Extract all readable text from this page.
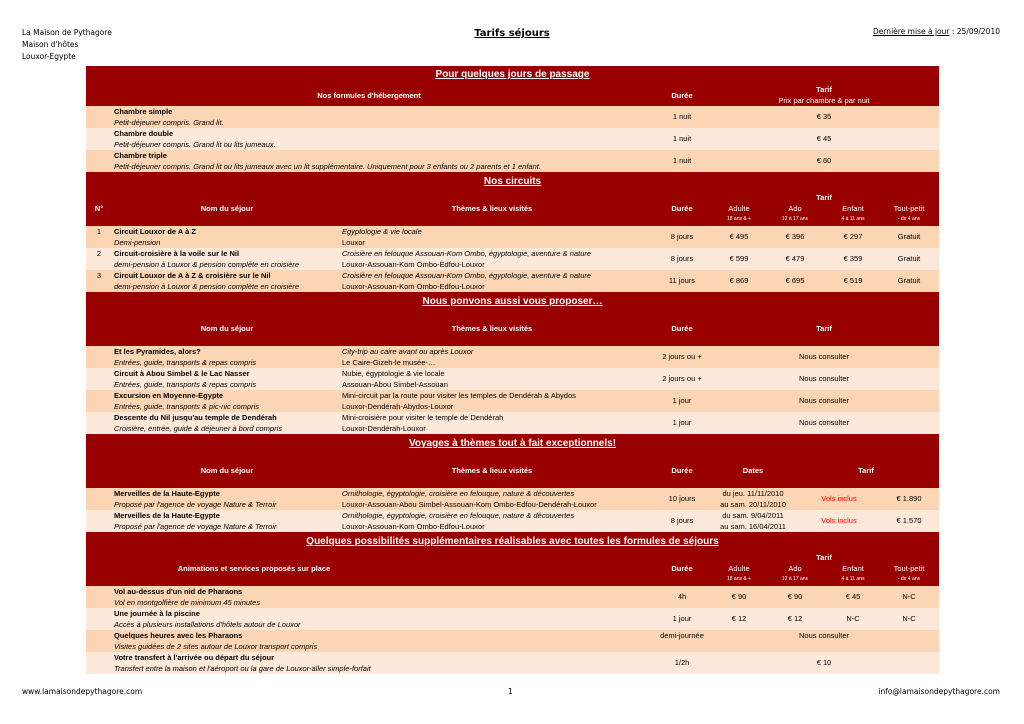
La Maison de Pythagore
Maison d'hôtes
Louxor-Egypte
Tarifs séjours	Dernière mise à jour : 25/09/2010
Pour quelques jours de passage
Nos formules d'hébergement	Durée
Tarif
Prix par chambre & par nuit
Chambre simple
Petit-déjeuner compris. Grand lit.
1 nuit	€ 35
Chambre double
Petit-déjeuner compris. Grand lit ou lits jumeaux.
1 nuit	€ 45
Chambre triple
Petit-déjeuner compris. Grand lit ou lits jumeaux avec un lit supplémentaire. Uniquement pour 3 enfants ou 2 parents et 1 enfant.
1 nuit	€ 60
Nos circuits
N°	Nom du séjour	Thèmes & lieux visités	Durée
Tarif
Adulte
18 ans & +
Ado
12 à 17 ans
Enfant
4 à 11 ans
Tout-petit
- de 4 ans
1	Circuit Louxor de A à Z
Demi-pension
Egyptologie & vie locale
Louxor
8 jours	€ 495	€ 396	€ 297	Gratuit
2	Circuit-croisière à la voile sur le Nil
demi-pension à Louxor & pension complète en croisière
Croisière en felouque Assouan-Kom Ombo, égyptologie, aventure & nature
Louxor-Assouan-Kom Ombo-Edfou-Louxor
8 jours	€ 599	€ 479	€ 359	Gratuit
3	Circuit Louxor de A à Z & croisière sur le Nil
demi-pension à Louxor & pension complète en croisière
Croisière en felouque Assouan-Kom Ombo, égyptologie, aventure & nature
Louxor-Assouan-Kom Ombo-Edfou-Louxor
11 jours	€ 869	€ 695	€ 519	Gratuit
Nous ponvons aussi vous proposer…
Nom du séjour	Thèmes & lieux visités	Durée	Tarif
Et les Pyramides, alors?
Entrées, guide, transports & repas compris
City-trip au caire avant ou après Louxor
Le Caire-Gizeh-le musée-…
2 jours ou +	Nous consulter
Circuit à Abou Simbel & le Lac Nasser
Entrées, guide, transports & repas compris
Nubie, égyptologie & vie locale
Assouan-Abou Simbel-Assouan
2 jours ou +	Nous consulter
Excursion en Moyenne-Egypte
Entrées, guide, transports & pic-nic compris
Mini-circuit par la route pour visiter les temples de Dendérah & Abydos
Louxor-Dendérah-Abydos-Louxor
1 jour	Nous consulter
Descente du Nil jusqu'au temple de Dendérah
Croisière, entrée, guide & déjeuner à bord compris
Mini-croisière pour visiter le temple de Dendérah
Louxor-Dendérah-Louxor
1 jour	Nous consulter
Voyages à thèmes tout à fait exceptionnels!
Nom du séjour	Thèmes & lieux visités	Durée	Dates	Tarif
Merveilles de la Haute-Egypte
Proposé par l'agence de voyage Nature & Terroir
Ornithologie, égyptologie, croisière en felouque, nature & découvertes
Louxor-Assouan-Abou Simbel-Assouan-Kom Ombo-Edfou-Dendérah-Louxor
10 jours
du jeu. 11/11/2010
au sam. 20/11/2010
Vols inclus	€ 1.890
Merveilles de la Haute-Egypte
Proposé par l'agence de voyage Nature & Terroir
Ornithologie, égyptologie, croisière en felouque, nature & découvertes
Louxor-Assouan-Kom Ombo-Edfou-Louxor
8 jours
du sam. 9/04/2011
au sam. 16/04/2011
Vols inclus	€ 1.570
Quelques possibilités supplémentaires réalisables avec toutes les formules de séjours
Animations et services proposés sur place	Durée
Tarif
Adulte
18 ans & +
Ado
12 à 17 ans
Enfant
4 à 11 ans
Tout-petit
- de 4 ans
Vol au-dessus d'un nid de Pharaons
Vol en montgolfière de minimum 45 minutes
4h	€ 90	€ 90	€ 45	N-C
Une journée à la piscine
Accès à plusieurs installations d'hôtels autour de Louxor
1 jour	€ 12	€ 12	N-C	N-C
Quelques heures avec les Pharaons
Visites guidées de 2 sites autour de Louxor transport compris
demi-journée	Nous consulter
Votre transfert à l'arrivée ou départ du séjour
Transfert entre la maison et l'aéroport ou la gare de Louxor-aller simple-forfait
1/2h	€ 10
www.lamaisondepythagore.com	1	info@lamaisondepythagore.com
